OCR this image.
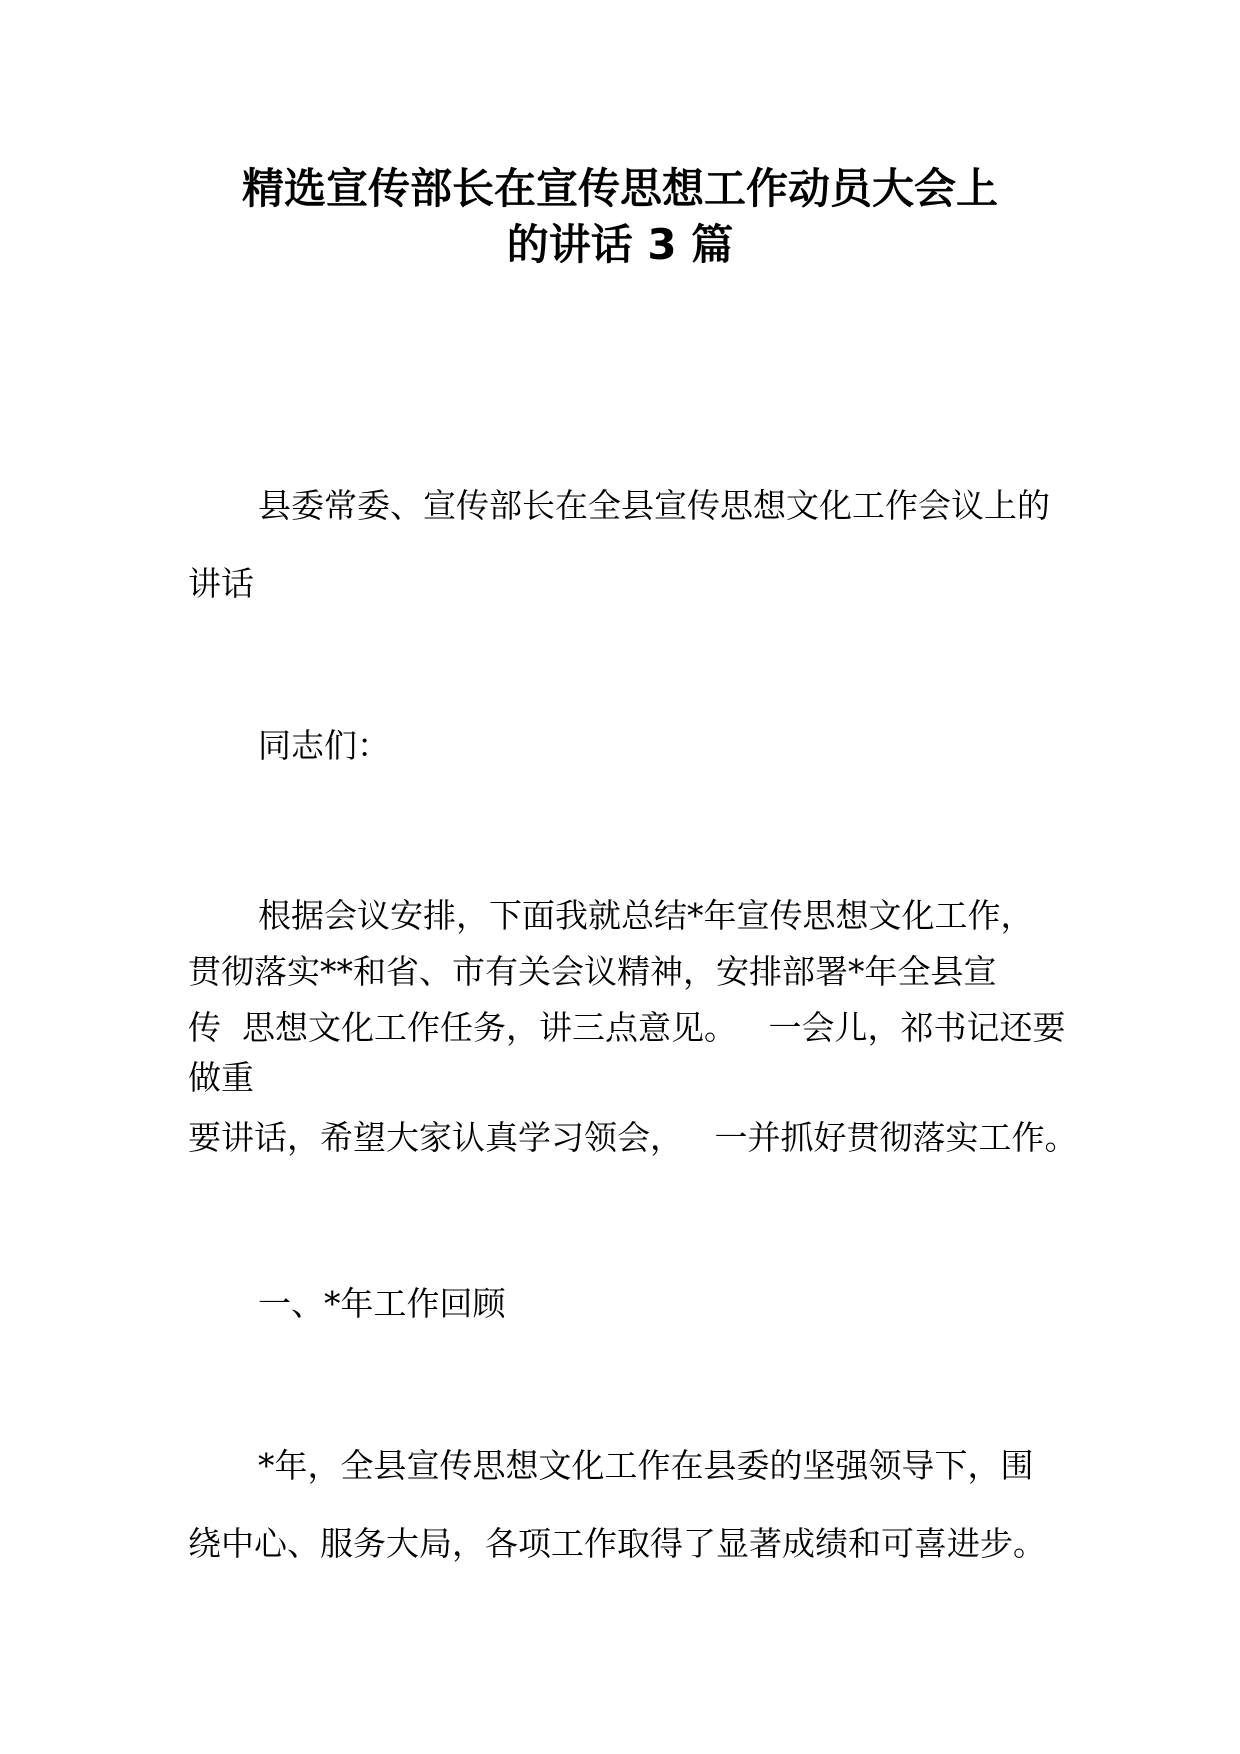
精选宣传部长在宣传思想工作动员大会上
的讲话 3 篇
县委常委、宣传部长在全县宣传思想文化工作会议上的
讲话
同志们：
根据会议安排，下面我就总结*年宣传思想文化工作，
贯彻落实**和省、市有关会议精神，安排部署*年全县宣
传  思想文化工作任务，讲三点意见。   一会儿，祁书记还要
做重
要讲话，希望大家认真学习领会，   一并抓好贯彻落实工作。
一、*年工作回顾
*年，全县宣传思想文化工作在县委的坚强领导下，围
绕中心、服务大局，各项工作取得了显著成绩和可喜进步。
